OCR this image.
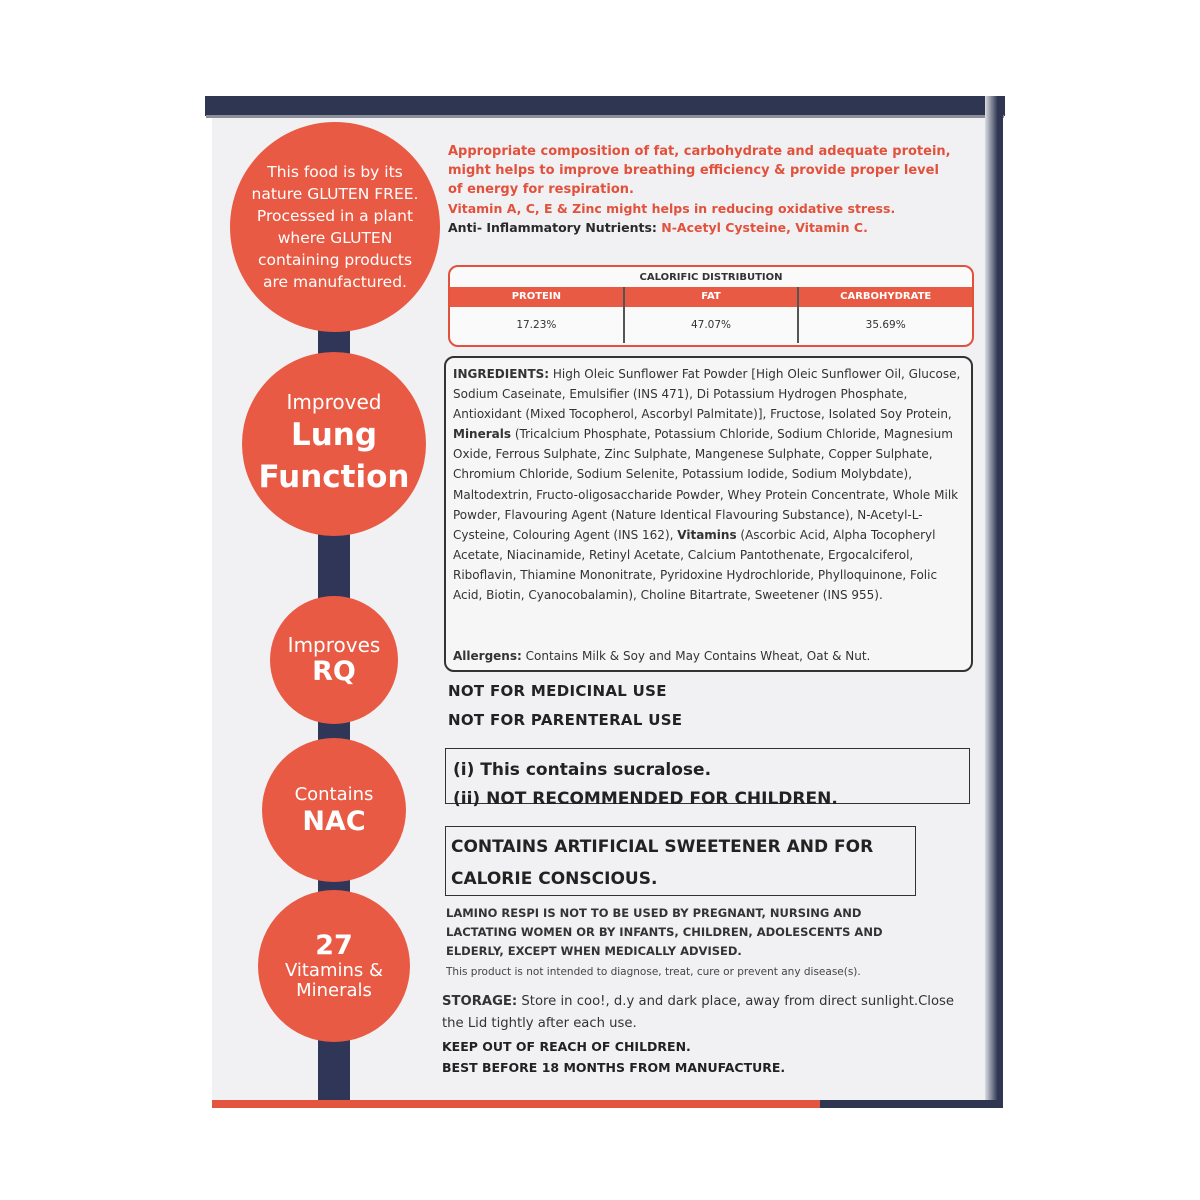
This food is by its nature GLUTEN FREE. Processed in a plant where GLUTEN containing products are manufactured.
Improved
Lung
Function
Improves
RQ
Contains
NAC
27
Vitamins &
Minerals

Appropriate composition of fat, carbohydrate and adequate protein, might helps to improve breathing efficiency & provide proper level of energy for respiration.

Vitamin A, C, E & Zinc might helps in reducing oxidative stress.

Anti- Inflammatory Nutrients: N-Acetyl Cysteine, Vitamin C.

CALORIFIC DISTRIBUTION
PROTEIN	FAT	CARBOHYDRATE
17.23%	47.07%	35.69%

INGREDIENTS: High Oleic Sunflower Fat Powder [High Oleic Sunflower Oil, Glucose, Sodium Caseinate, Emulsifier (INS 471), Di Potassium Hydrogen Phosphate, Antioxidant (Mixed Tocopherol, Ascorbyl Palmitate)], Fructose, Isolated Soy Protein, Minerals (Tricalcium Phosphate, Potassium Chloride, Sodium Chloride, Magnesium Oxide, Ferrous Sulphate, Zinc Sulphate, Mangenese Sulphate, Copper Sulphate, Chromium Chloride, Sodium Selenite, Potassium Iodide, Sodium Molybdate), Maltodextrin, Fructo-oligosaccharide Powder, Whey Protein Concentrate, Whole Milk Powder, Flavouring Agent (Nature Identical Flavouring Substance), N-Acetyl-L-Cysteine, Colouring Agent (INS 162), Vitamins (Ascorbic Acid, Alpha Tocopheryl Acetate, Niacinamide, Retinyl Acetate, Calcium Pantothenate, Ergocalciferol, Riboflavin, Thiamine Mononitrate, Pyridoxine Hydrochloride, Phylloquinone, Folic Acid, Biotin, Cyanocobalamin), Choline Bitartrate, Sweetener (INS 955).

Allergens: Contains Milk & Soy and May Contains Wheat, Oat & Nut.

NOT FOR MEDICINAL USE
NOT FOR PARENTERAL USE
(i) This contains sucralose.
(ii) NOT RECOMMENDED FOR CHILDREN.
CONTAINS ARTIFICIAL SWEETENER AND FOR CALORIE CONSCIOUS.
LAMINO RESPI IS NOT TO BE USED BY PREGNANT, NURSING AND LACTATING WOMEN OR BY INFANTS, CHILDREN, ADOLESCENTS AND ELDERLY, EXCEPT WHEN MEDICALLY ADVISED.
This product is not intended to diagnose, treat, cure or prevent any disease(s).

STORAGE: Store in coo!, d.y and dark place, away from direct sunlight.Close the Lid tightly after each use.

KEEP OUT OF REACH OF CHILDREN.

BEST BEFORE 18 MONTHS FROM MANUFACTURE.
